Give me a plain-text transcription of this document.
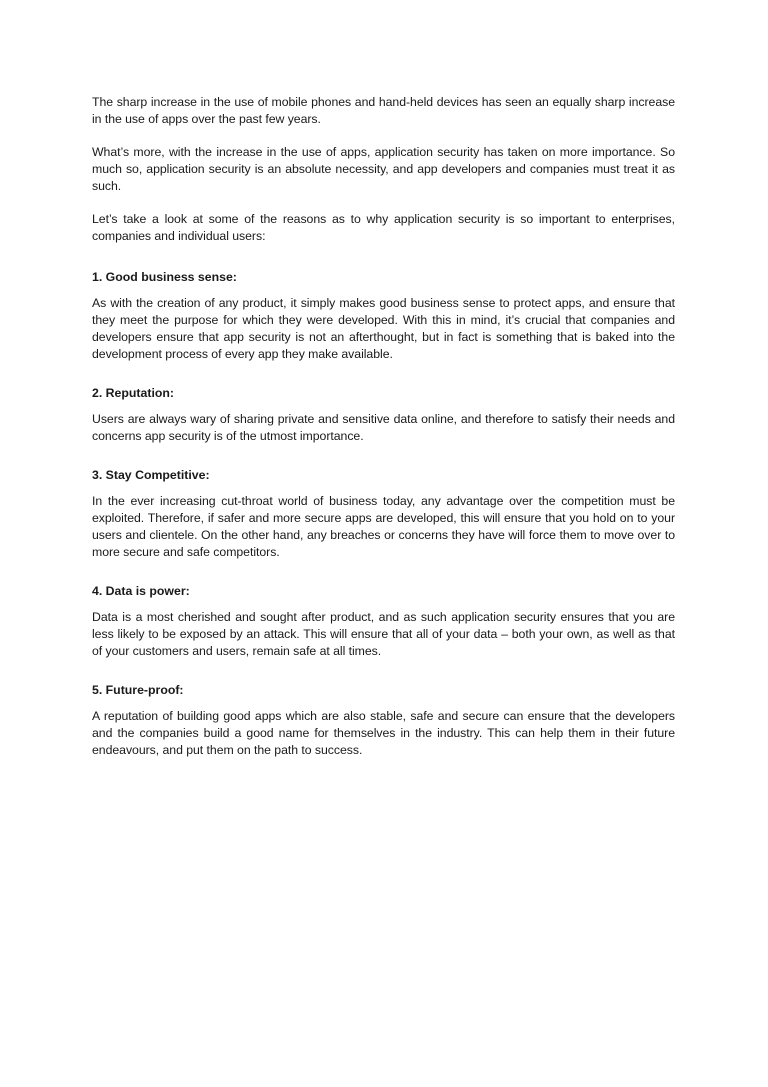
The sharp increase in the use of mobile phones and hand-held devices has seen an equally sharp increase in the use of apps over the past few years.

What’s more, with the increase in the use of apps, application security has taken on more importance. So much so, application security is an absolute necessity, and app developers and companies must treat it as such.

Let’s take a look at some of the reasons as to why application security is so important to enterprises, companies and individual users:

1. Good business sense:

As with the creation of any product, it simply makes good business sense to protect apps, and ensure that they meet the purpose for which they were developed. With this in mind, it’s crucial that companies and developers ensure that app security is not an afterthought, but in fact is something that is baked into the development process of every app they make available.

2. Reputation:

Users are always wary of sharing private and sensitive data online, and therefore to satisfy their needs and concerns app security is of the utmost importance.

3. Stay Competitive:

In the ever increasing cut-throat world of business today, any advantage over the competition must be exploited. Therefore, if safer and more secure apps are developed, this will ensure that you hold on to your users and clientele. On the other hand, any breaches or concerns they have will force them to move over to more secure and safe competitors.

4. Data is power:

Data is a most cherished and sought after product, and as such application security ensures that you are less likely to be exposed by an attack. This will ensure that all of your data – both your own, as well as that of your customers and users, remain safe at all times.

5. Future-proof:

A reputation of building good apps which are also stable, safe and secure can ensure that the developers and the companies build a good name for themselves in the industry. This can help them in their future endeavours, and put them on the path to success.
